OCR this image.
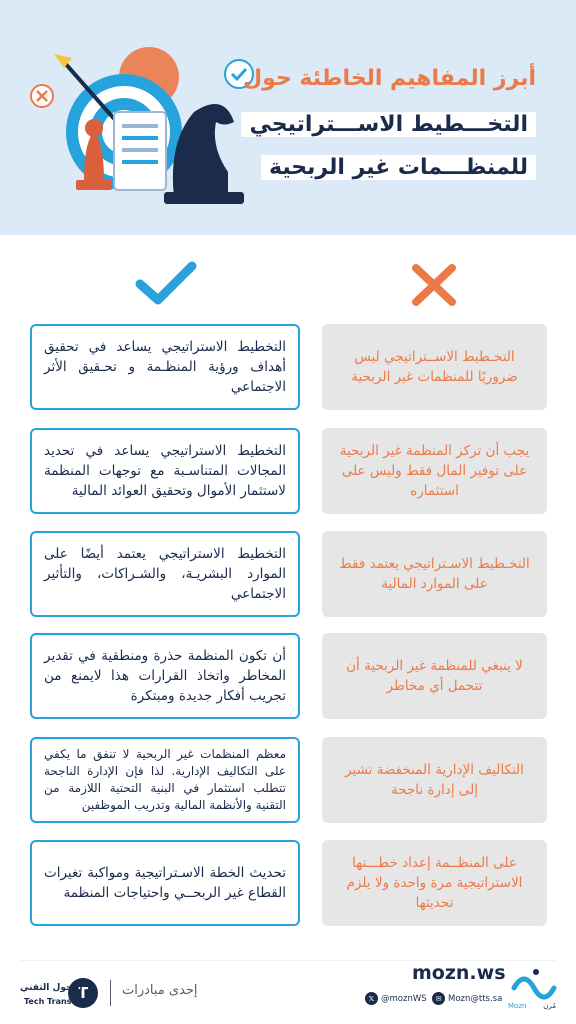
أبرز المفاهيم الخاطئة حول
التخـــطيط الاســـتراتيجي
للمنظـــمات غير الربحية
التخطيط الاستراتيجي يساعد في تحقيق أهداف ورؤية المنظـمة و تحـقيق الأثر الاجتماعي
التخـطيط الاســتراتيجي ليس ضروريًا للمنظمات غير الربحية
التخطيط الاستراتيجي يساعد في تحديد المجالات المتناسـبة مع توجهات المنظمة لاستثمار الأموال وتحقيق العوائد المالية
يجب أن تركز المنظمة غير الربحية على توفير المال فقط وليس على استثماره
التخطيط الاستراتيجي يعتمد أيضًا على الموارد البشريـة، والشـراكات، والتأثير الاجتماعي
التخـطيط الاسـتراتيجي يعتمد فقط على الموارد المالية
أن تكون المنظمة حذرة ومنطقية في تقدير المخاطر واتخاذ القرارات هذا لايمنع من تجريب أفكار جديدة ومبتكرة
لا ينبغي للمنظمة غير الربحية أن تتحمل أي مخاطر
معظم المنظمات غير الربحية لا تنفق ما يكفي على التكاليف الإدارية. لذا فإن الإدارة الناجحة تتطلب استثمار في البنية التحتية اللازمة من التقنية والأنظمة المالية وتدريب الموظفين
التكاليف الإدارية المنخفضة تشير إلى إدارة ناجحة
تحديث الخطة الاسـتراتيجية ومواكبة تغيرات القطاع غير الربحــي واحتياجات المنظمة
على المنظــمة إعداد خطـــتها الاستراتيجية مرة واحدة ولا يلزم تحديثها
Mozn مُزن
mozn.ws
𝕏 @moznWS	✉ Mozn@tts.sa
إحدى مبادرات
T
التحول التقني
Tech Trans
